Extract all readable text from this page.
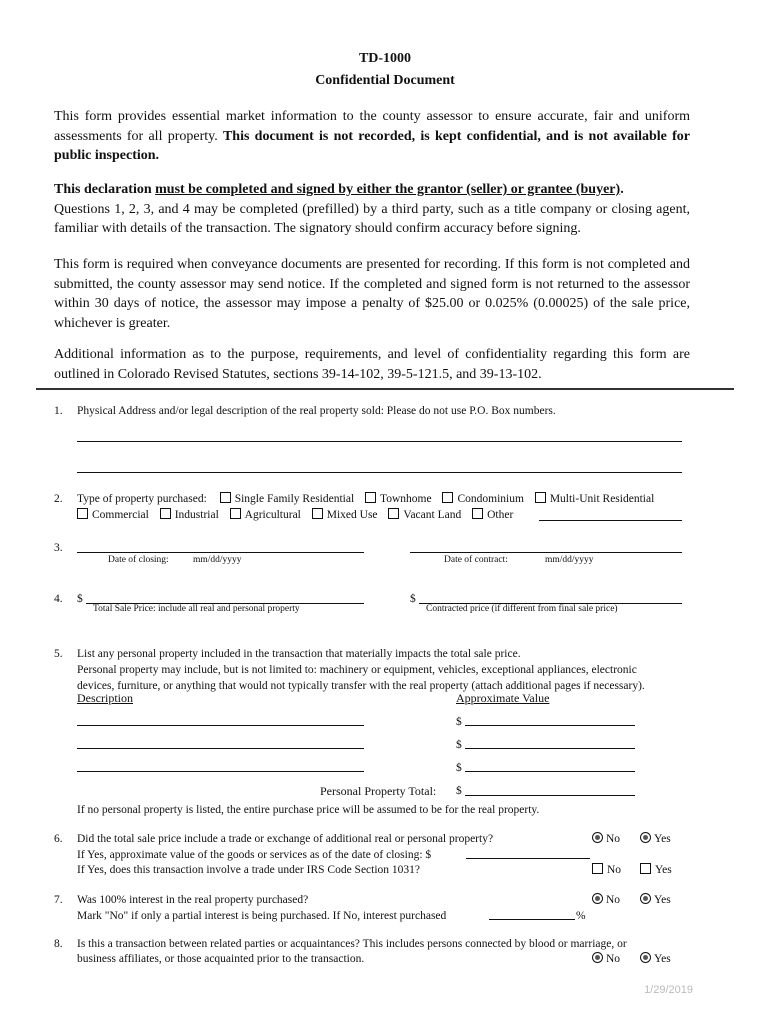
TD-1000
Confidential Document
This form provides essential market information to the county assessor to ensure accurate, fair and uniform assessments for all property. This document is not recorded, is kept confidential, and is not available for public inspection.
This declaration must be completed and signed by either the grantor (seller) or grantee (buyer).
Questions 1, 2, 3, and 4 may be completed (prefilled) by a third party, such as a title company or closing agent, familiar with details of the transaction. The signatory should confirm accuracy before signing.
This form is required when conveyance documents are presented for recording. If this form is not completed and submitted, the county assessor may send notice. If the completed and signed form is not returned to the assessor within 30 days of notice, the assessor may impose a penalty of $25.00 or 0.025% (0.00025) of the sale price, whichever is greater.
Additional information as to the purpose, requirements, and level of confidentiality regarding this form are outlined in Colorado Revised Statutes, sections 39-14-102, 39-5-121.5, and 39-13-102.
1. Physical Address and/or legal description of the real property sold: Please do not use P.O. Box numbers.
2. Type of property purchased: Single Family Residential Townhome Condominium Multi-Unit Residential
Commercial Industrial Agricultural Mixed Use Vacant Land Other
3.
Date of closing:	mm/dd/yyyy	Date of contract:	mm/dd/yyyy
4. $
Total Sale Price: include all real and personal property
$
Contracted price (if different from final sale price)
5. List any personal property included in the transaction that materially impacts the total sale price.
Personal property may include, but is not limited to: machinery or equipment, vehicles, exceptional appliances, electronic
devices, furniture, or anything that would not typically transfer with the real property (attach additional pages if necessary).
Description	Approximate Value
$
$
$
Personal Property Total: $
If no personal property is listed, the entire purchase price will be assumed to be for the real property.
6. Did the total sale price include a trade or exchange of additional real or personal property?
If Yes, approximate value of the goods or services as of the date of closing: $
If Yes, does this transaction involve a trade under IRS Code Section 1031?
No	Yes
No	Yes
7. Was 100% interest in the real property purchased?
Mark "No" if only a partial interest is being purchased. If No, interest purchased	%
No	Yes
8. Is this a transaction between related parties or acquaintances? This includes persons connected by blood or marriage, or
business affiliates, or those acquainted prior to the transaction.	No	Yes
1/29/2019
